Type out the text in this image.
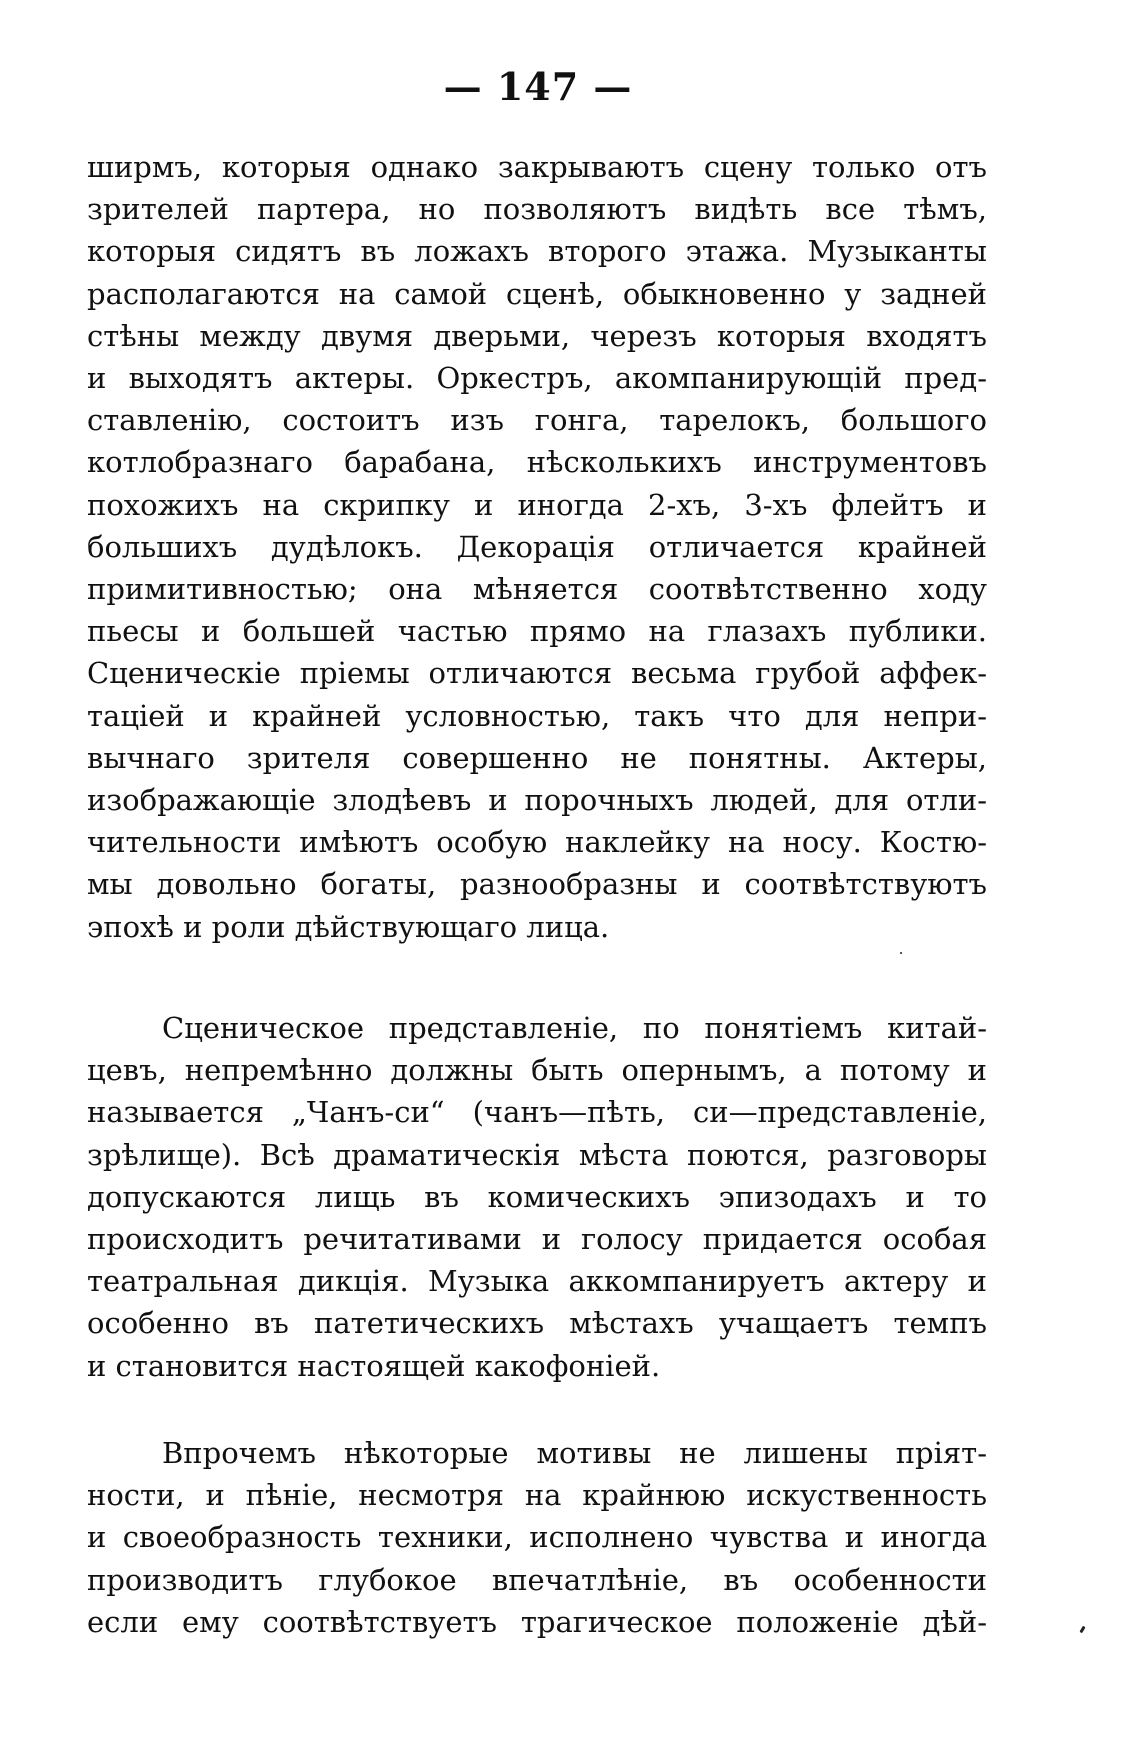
— 147 —
ширмъ, которыя однако закрываютъ сцену только отъ
зрителей партера, но позволяютъ видѣть все тѣмъ,
которыя сидятъ въ ложахъ второго этажа. Музыканты
располагаются на самой сценѣ, обыкновенно у задней
стѣны между двумя дверьми, черезъ которыя входятъ
и выходятъ актеры. Оркестръ, акомпанирующій пред-
ставленію, состоитъ изъ гонга, тарелокъ, большого
котлобразнаго барабана, нѣсколькихъ инструментовъ
похожихъ на скрипку и иногда 2-хъ, 3-хъ флейтъ и
большихъ дудѣлокъ. Декорація отличается крайней
примитивностью; она мѣняется соотвѣтственно ходу
пьесы и большей частью прямо на глазахъ публики.
Сценическіе пріемы отличаются весьма грубой аффек-
таціей и крайней условностью, такъ что для непри-
вычнаго зрителя совершенно не понятны. Актеры,
изображающіе злодѣевъ и порочныхъ людей, для отли-
чительности имѣютъ особую наклейку на носу. Костю-
мы довольно богаты, разнообразны и соотвѣтствуютъ
эпохѣ и роли дѣйствующаго лица.
Сценическое представленіе, по понятіемъ китай-
цевъ, непремѣнно должны быть опернымъ, а потому и
называется „Чанъ-си“ (чанъ—пѣть, си—представленіе,
зрѣлище). Всѣ драматическія мѣста поются, разговоры
допускаются лищь въ комическихъ эпизодахъ и то
происходитъ речитативами и голосу придается особая
театральная дикція. Музыка аккомпанируетъ актеру и
особенно въ патетическихъ мѣстахъ учащаетъ темпъ
и становится настоящей какофоніей.
Впрочемъ нѣкоторые мотивы не лишены пріят-
ности, и пѣніе, несмотря на крайнюю искуственность
и своеобразность техники, исполнено чувства и иногда
производитъ глубокое впечатлѣніе, въ особенности
если ему соотвѣтствуетъ трагическое положеніе дѣй-
